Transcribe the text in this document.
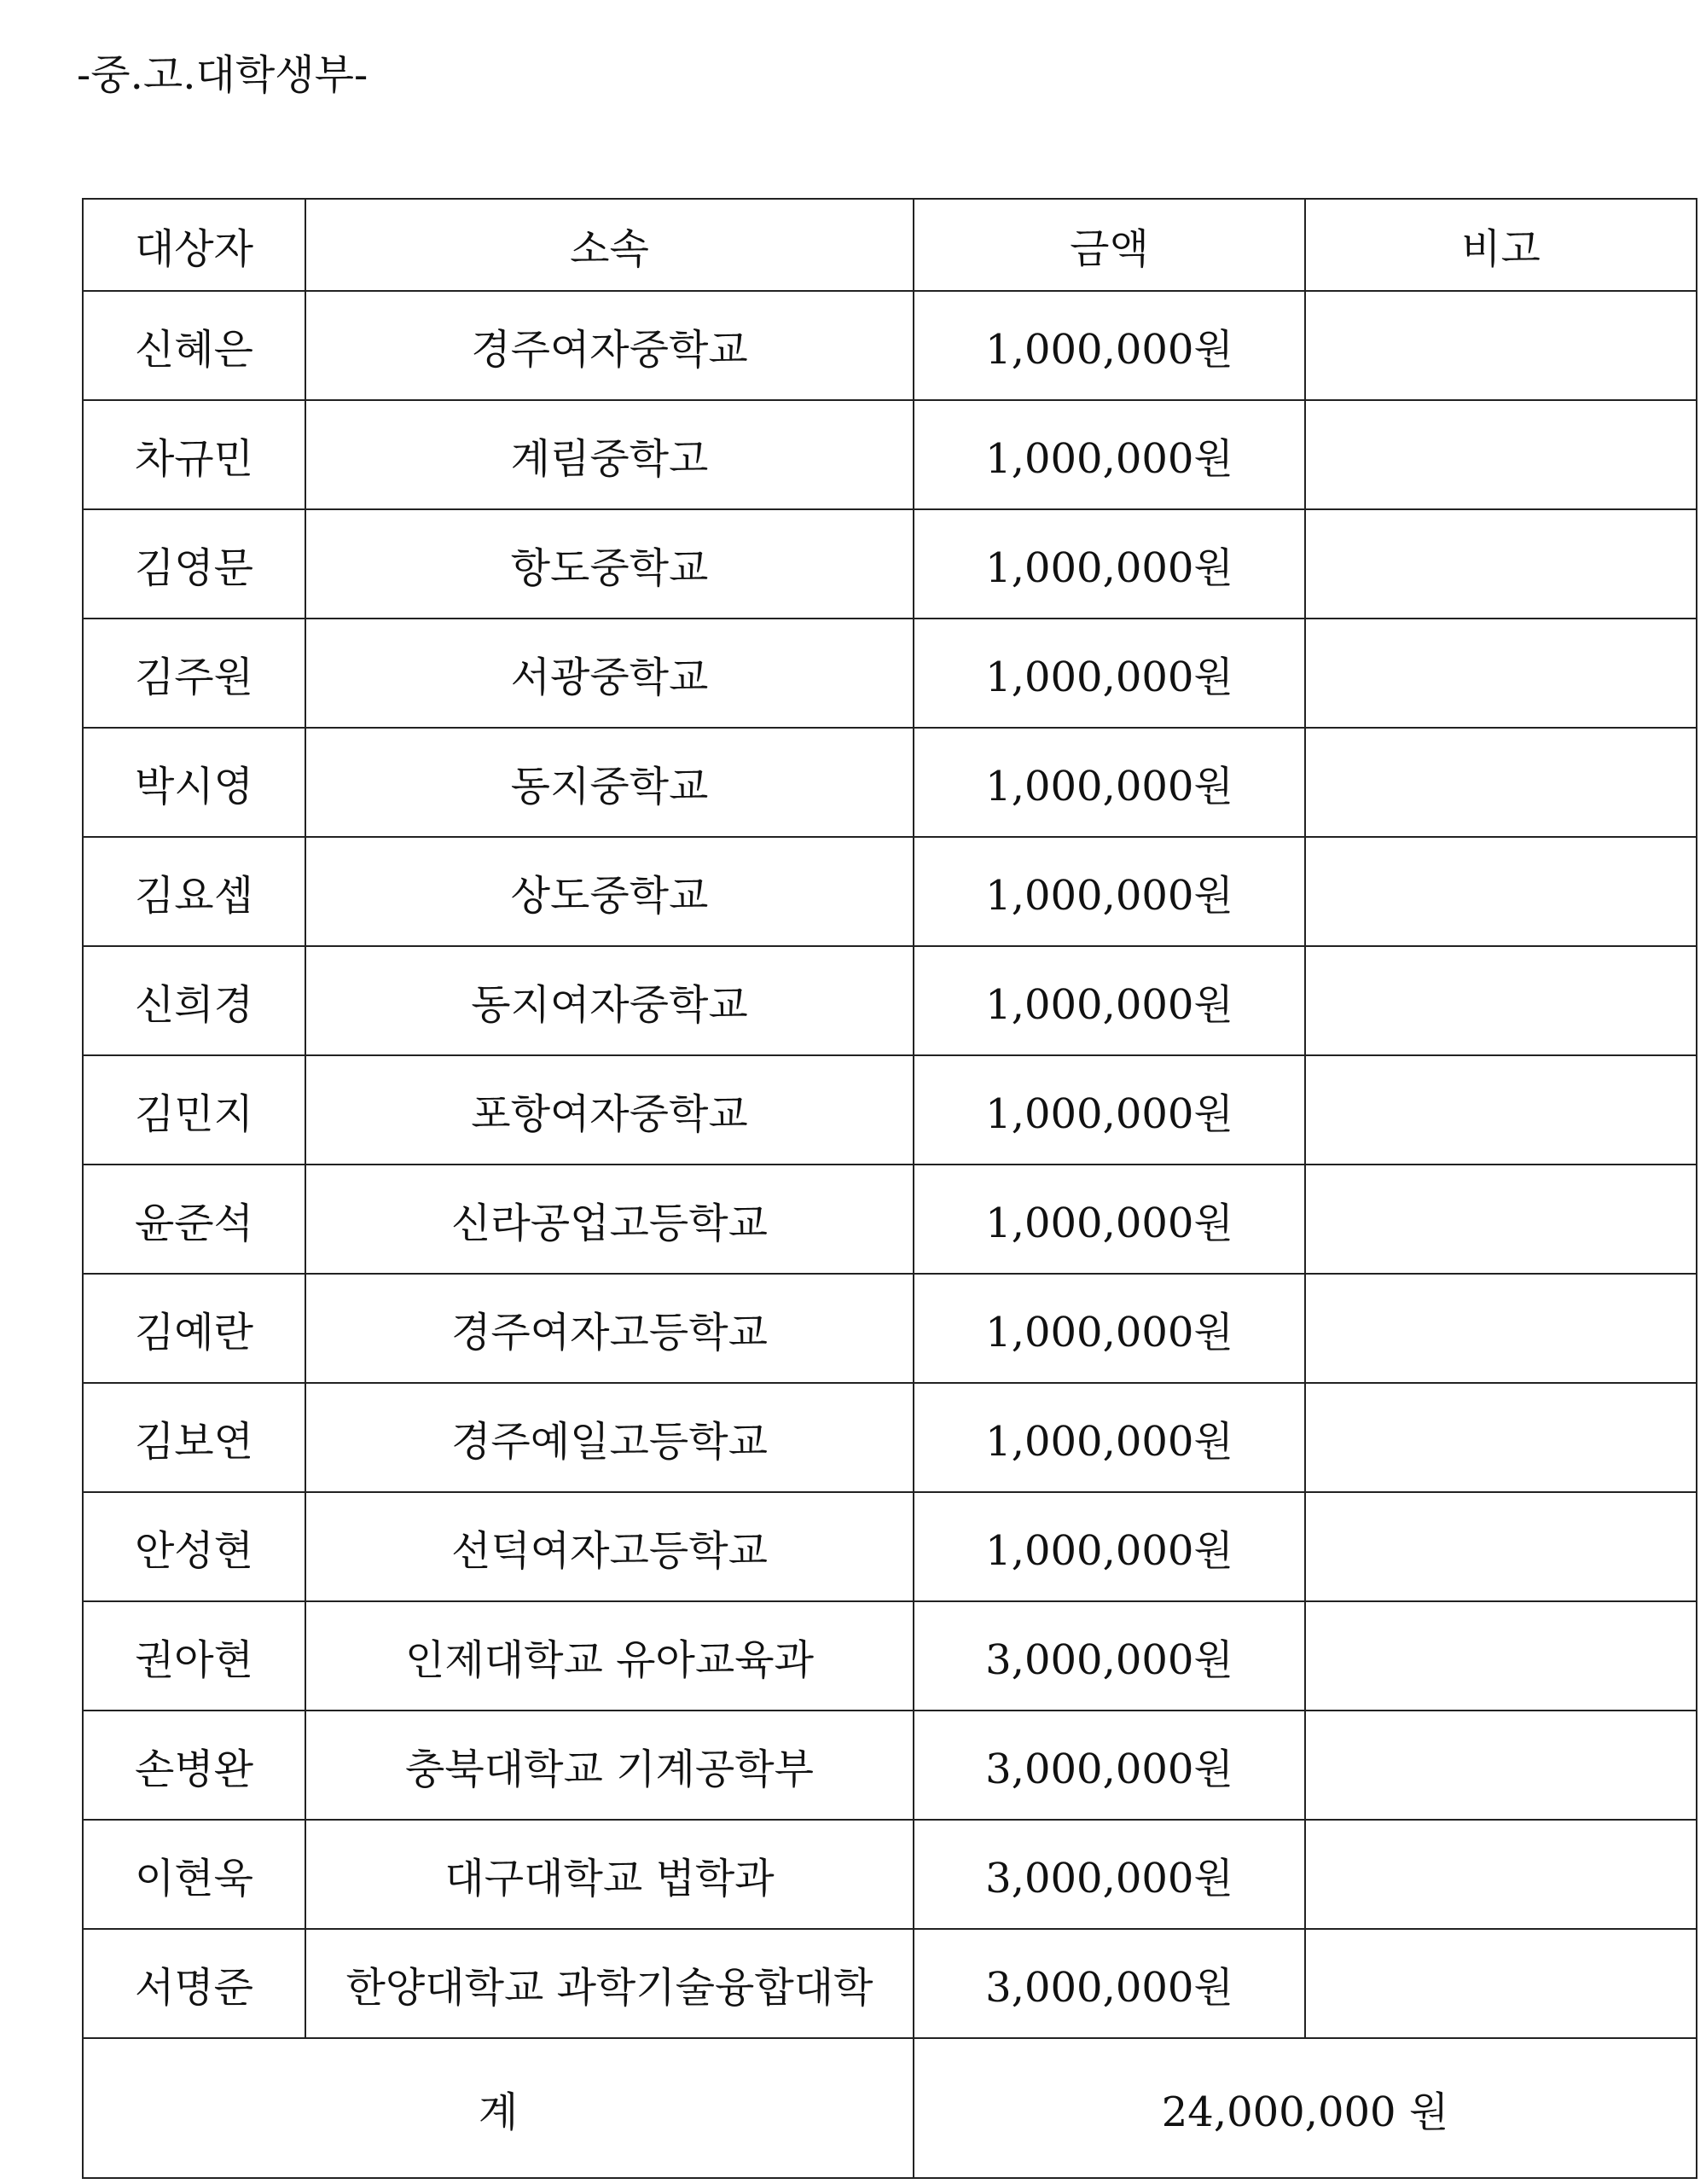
-중.고.대학생부-
대상자	소속	금액	비고
신혜은	경주여자중학교	1,000,000원	
차규민	계림중학고	1,000,000원	
김영문	항도중학교	1,000,000원	
김주원	서광중학교	1,000,000원	
박시영	동지중학교	1,000,000원	
김요셉	상도중학교	1,000,000원	
신희경	동지여자중학교	1,000,000원	
김민지	포항여자중학교	1,000,000원	
윤준석	신라공업고등학교	1,000,000원	
김예란	경주여자고등학교	1,000,000원	
김보연	경주예일고등학교	1,000,000원	
안성현	선덕여자고등학교	1,000,000원	
권아현	인제대학교 유아교육과	3,000,000원	
손병완	충북대학교 기계공학부	3,000,000원	
이현욱	대구대학교 법학과	3,000,000원	
서명준	한양대학교 과학기술융합대학	3,000,000원	
계		24,000,000 원	
